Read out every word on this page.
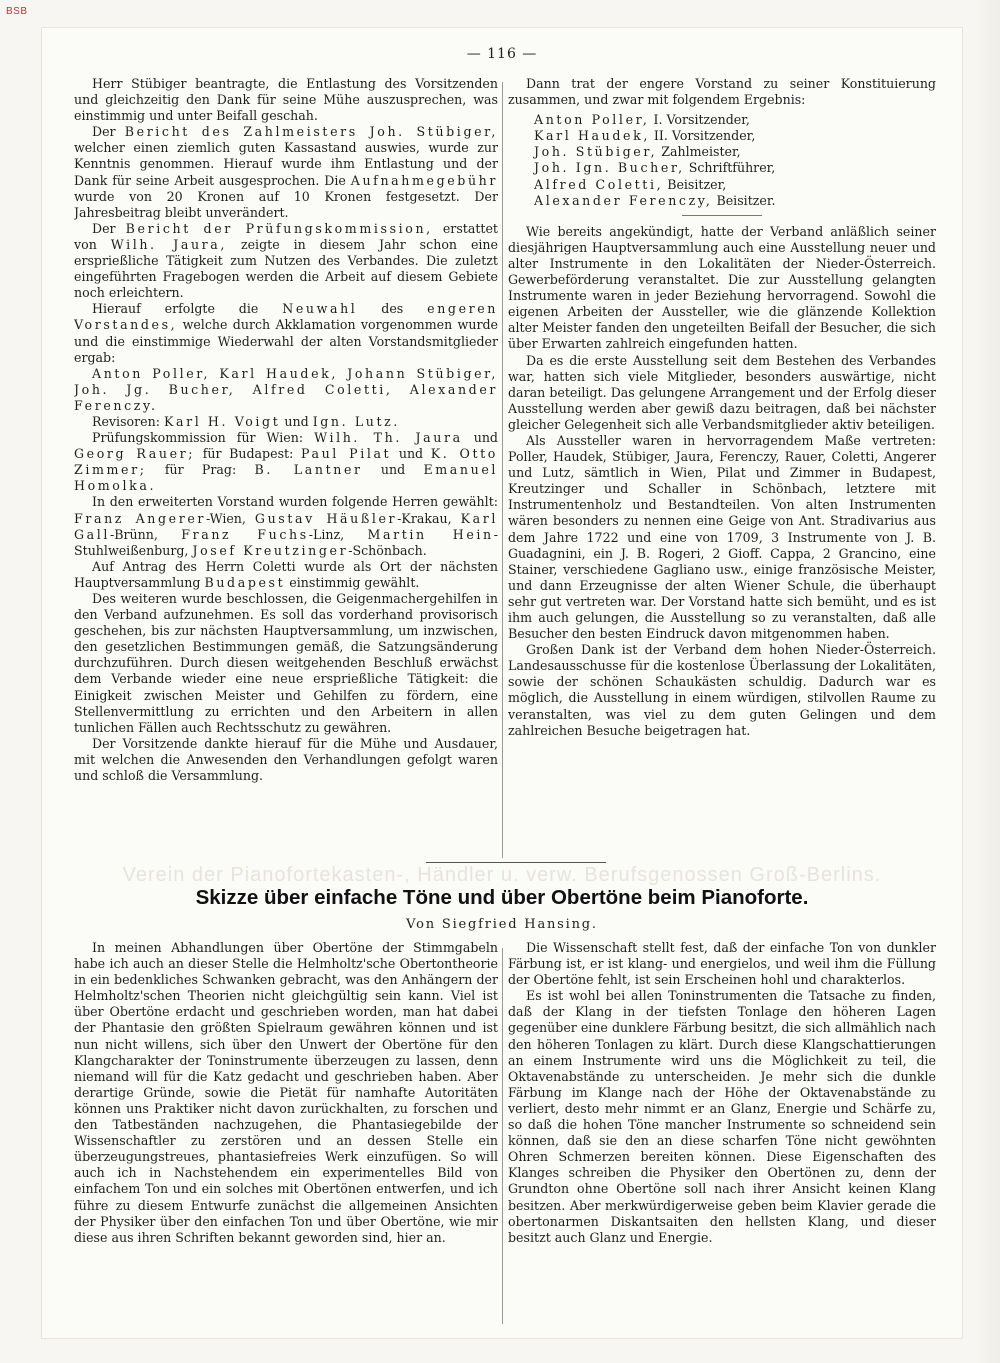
BSB
— 116 —

Herr Stübiger beantragte, die Entlastung des Vorsitzenden und gleichzeitig den Dank für seine Mühe auszusprechen, was einstimmig und unter Beifall geschah.

Der Bericht des Zahlmeisters Joh. Stübiger, welcher einen ziemlich guten Kassastand auswies, wurde zur Kenntnis genommen. Hierauf wurde ihm Entlastung und der Dank für seine Arbeit ausgesprochen. Die Aufnahmegebühr wurde von 20 Kronen auf 10 Kronen festgesetzt. Der Jahresbeitrag bleibt unverändert.

Der Bericht der Prüfungskommission, erstattet von Wilh. Jaura, zeigte in diesem Jahr schon eine ersprießliche Tätigkeit zum Nutzen des Verbandes. Die zuletzt eingeführten Fragebogen werden die Arbeit auf diesem Gebiete noch erleichtern.

Hierauf erfolgte die Neuwahl des engeren Vorstandes, welche durch Akklamation vorgenommen wurde und die einstimmige Wiederwahl der alten Vorstandsmitglieder ergab:

Anton Poller, Karl Haudek, Johann Stübiger, Joh. Jg. Bucher, Alfred Coletti, Alexander Ferenczy.

Revisoren: Karl H. Voigt und Ign. Lutz.

Prüfungskommission für Wien: Wilh. Th. Jaura und Georg Rauer; für Budapest: Paul Pilat und K. Otto Zimmer; für Prag: B. Lantner und Emanuel Homolka.

In den erweiterten Vorstand wurden folgende Herren gewählt: Franz Angerer-Wien, Gustav Häußler-Krakau, Karl Gall-Brünn, Franz Fuchs-Linz, Martin Hein-Stuhlweißenburg, Josef Kreutzinger-Schönbach.

Auf Antrag des Herrn Coletti wurde als Ort der nächsten Hauptversammlung Budapest einstimmig gewählt.

Des weiteren wurde beschlossen, die Geigenmachergehilfen in den Verband aufzunehmen. Es soll das vorderhand provisorisch geschehen, bis zur nächsten Hauptversammlung, um inzwischen, den gesetzlichen Bestimmungen gemäß, die Satzungsänderung durchzuführen. Durch diesen weitgehenden Beschluß erwächst dem Verbande wieder eine neue ersprießliche Tätigkeit: die Einigkeit zwischen Meister und Gehilfen zu fördern, eine Stellenvermittlung zu errichten und den Arbeitern in allen tunlichen Fällen auch Rechtsschutz zu gewähren.

Der Vorsitzende dankte hierauf für die Mühe und Ausdauer, mit welchen die Anwesenden den Verhandlungen gefolgt waren und schloß die Versammlung.

Dann trat der engere Vorstand zu seiner Konstituierung zusammen, und zwar mit folgendem Ergebnis:

Anton Poller, I. Vorsitzender,
Karl Haudek, II. Vorsitzender,
Joh. Stübiger, Zahlmeister,
Joh. Ign. Bucher, Schriftführer,
Alfred Coletti, Beisitzer,
Alexander Ferenczy, Beisitzer.

Wie bereits angekündigt, hatte der Verband anläßlich seiner diesjährigen Hauptversammlung auch eine Ausstellung neuer und alter Instrumente in den Lokalitäten der Nieder-Österreich. Gewerbeförderung veranstaltet. Die zur Ausstellung gelangten Instrumente waren in jeder Beziehung hervorragend. Sowohl die eigenen Arbeiten der Aussteller, wie die glänzende Kollektion alter Meister fanden den ungeteilten Beifall der Besucher, die sich über Erwarten zahlreich eingefunden hatten.

Da es die erste Ausstellung seit dem Bestehen des Verbandes war, hatten sich viele Mitglieder, besonders auswärtige, nicht daran beteiligt. Das gelungene Arrangement und der Erfolg dieser Ausstellung werden aber gewiß dazu beitragen, daß bei nächster gleicher Gelegenheit sich alle Verbandsmitglieder aktiv beteiligen.

Als Aussteller waren in hervorragendem Maße vertreten: Poller, Haudek, Stübiger, Jaura, Ferenczy, Rauer, Coletti, Angerer und Lutz, sämtlich in Wien, Pilat und Zimmer in Budapest, Kreutzinger und Schaller in Schönbach, letztere mit Instrumentenholz und Bestandteilen. Von alten Instrumenten wären besonders zu nennen eine Geige von Ant. Stradivarius aus dem Jahre 1722 und eine von 1709, 3 Instrumente von J. B. Guadagnini, ein J. B. Rogeri, 2 Gioff. Cappa, 2 Grancino, eine Stainer, verschiedene Gagliano usw., einige französische Meister, und dann Erzeugnisse der alten Wiener Schule, die überhaupt sehr gut vertreten war. Der Vorstand hatte sich bemüht, und es ist ihm auch gelungen, die Ausstellung so zu veranstalten, daß alle Besucher den besten Eindruck davon mitgenommen haben.

Großen Dank ist der Verband dem hohen Nieder-Österreich. Landesausschusse für die kostenlose Überlassung der Lokalitäten, sowie der schönen Schaukästen schuldig. Dadurch war es möglich, die Ausstellung in einem würdigen, stilvollen Raume zu veranstalten, was viel zu dem guten Gelingen und dem zahlreichen Besuche beigetragen hat.

Verein der Pianofortekasten-, Händler u. verw. Berufsgenossen Groß-Berlins.
Skizze über einfache Töne und über Obertöne beim Pianoforte.
Von Siegfried Hansing.

In meinen Abhandlungen über Obertöne der Stimmgabeln habe ich auch an dieser Stelle die Helmholtz'sche Obertontheorie in ein bedenkliches Schwanken gebracht, was den Anhängern der Helmholtz'schen Theorien nicht gleichgültig sein kann. Viel ist über Obertöne erdacht und geschrieben worden, man hat dabei der Phantasie den größten Spielraum gewähren können und ist nun nicht willens, sich über den Unwert der Obertöne für den Klangcharakter der Toninstrumente überzeugen zu lassen, denn niemand will für die Katz gedacht und geschrieben haben. Aber derartige Gründe, sowie die Pietät für namhafte Autoritäten können uns Praktiker nicht davon zurückhalten, zu forschen und den Tatbeständen nachzugehen, die Phantasiegebilde der Wissenschaftler zu zerstören und an dessen Stelle ein überzeugungstreues, phantasiefreies Werk einzufügen. So will auch ich in Nachstehendem ein experimentelles Bild von einfachem Ton und ein solches mit Obertönen entwerfen, und ich führe zu diesem Entwurfe zunächst die allgemeinen Ansichten der Physiker über den einfachen Ton und über Obertöne, wie mir diese aus ihren Schriften bekannt geworden sind, hier an.

Die Wissenschaft stellt fest, daß der einfache Ton von dunkler Färbung ist, er ist klang- und energielos, und weil ihm die Füllung der Obertöne fehlt, ist sein Erscheinen hohl und charakterlos.

Es ist wohl bei allen Toninstrumenten die Tatsache zu finden, daß der Klang in der tiefsten Tonlage den höheren Lagen gegenüber eine dunklere Färbung besitzt, die sich allmählich nach den höheren Tonlagen zu klärt. Durch diese Klangschattierungen an einem Instrumente wird uns die Möglichkeit zu teil, die Oktavenabstände zu unterscheiden. Je mehr sich die dunkle Färbung im Klange nach der Höhe der Oktavenabstände zu verliert, desto mehr nimmt er an Glanz, Energie und Schärfe zu, so daß die hohen Töne mancher Instrumente so schneidend sein können, daß sie den an diese scharfen Töne nicht gewöhnten Ohren Schmerzen bereiten können. Diese Eigenschaften des Klanges schreiben die Physiker den Obertönen zu, denn der Grundton ohne Obertöne soll nach ihrer Ansicht keinen Klang besitzen. Aber merkwürdigerweise geben beim Klavier gerade die obertonarmen Diskantsaiten den hellsten Klang, und dieser besitzt auch Glanz und Energie.
